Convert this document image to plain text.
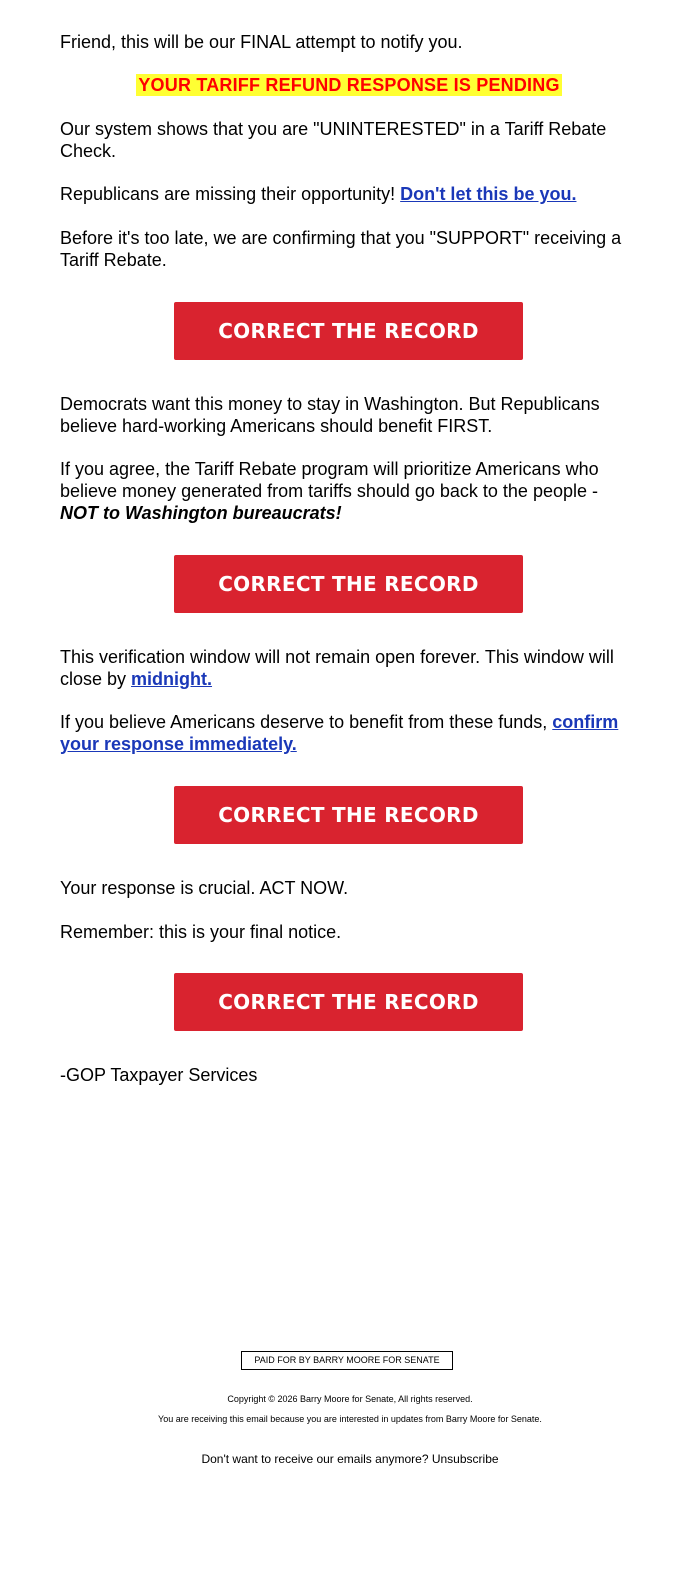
Friend, this will be our FINAL attempt to notify you.

YOUR TARIFF REFUND RESPONSE IS PENDING

Our system shows that you are "UNINTERESTED" in a Tariff Rebate Check.

Republicans are missing their opportunity! Don't let this be you.

Before it's too late, we are confirming that you "SUPPORT" receiving a Tariff Rebate.

Democrats want this money to stay in Washington. But Republicans believe hard-working Americans should benefit FIRST.

If you agree, the Tariff Rebate program will prioritize Americans who believe money generated from tariffs should go back to the people - NOT to Washington bureaucrats!

This verification window will not remain open forever. This window will close by midnight.

If you believe Americans deserve to benefit from these funds, confirm your response immediately.

Your response is crucial. ACT NOW.

Remember: this is your final notice.

-GOP Taxpayer Services

CORRECT THE RECORD
CORRECT THE RECORD
CORRECT THE RECORD
CORRECT THE RECORD
PAID FOR BY BARRY MOORE FOR SENATE
Copyright © 2026 Barry Moore for Senate, All rights reserved.
You are receiving this email because you are interested in updates from Barry Moore for Senate.
Don't want to receive our emails anymore? Unsubscribe
